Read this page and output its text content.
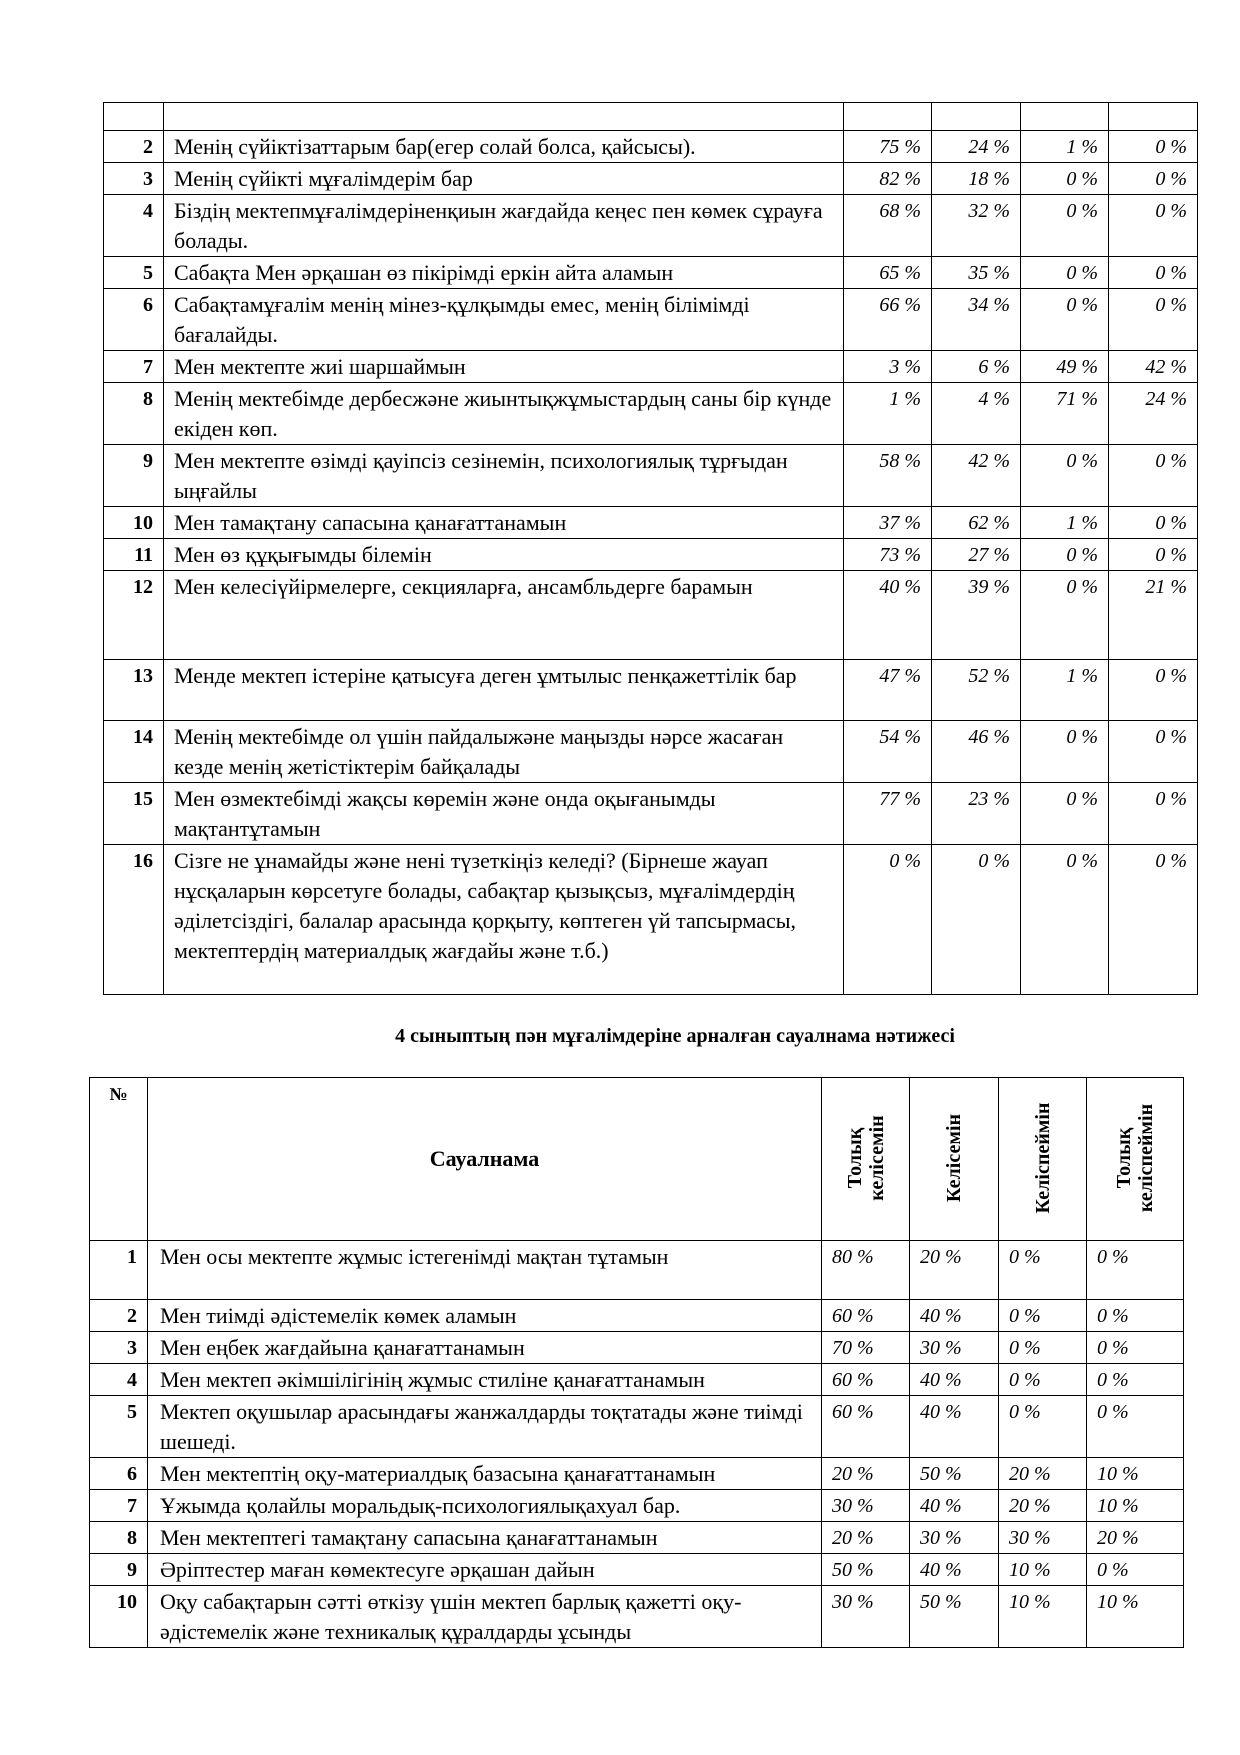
2	Менің сүйіктізаттарым бар(егер солай болса, қайсысы).	75 %	24 %	1 %	0 %
3	Менің сүйікті мұғалімдерім бар	82 %	18 %	0 %	0 %
4	Біздің мектепмұғалімдеріненқиын жағдайда кеңес пен көмек сұрауға болады.	68 %	32 %	0 %	0 %
5	Сабақта Мен әрқашан өз пікірімді еркін айта аламын	65 %	35 %	0 %	0 %
6	Сабақтамұғалім менің мінез-құлқымды емес, менің білімімді бағалайды.	66 %	34 %	0 %	0 %
7	Мен мектепте жиі шаршаймын	3 %	6 %	49 %	42 %
8	Менің мектебімде дербесжәне жиынтықжұмыстардың саны бір күнде екіден көп.	1 %	4 %	71 %	24 %
9	Мен мектепте өзімді қауіпсіз сезінемін, психологиялық тұрғыдан ыңғайлы	58 %	42 %	0 %	0 %
10	Мен тамақтану сапасына қанағаттанамын	37 %	62 %	1 %	0 %
11	Мен өз құқығымды білемін	73 %	27 %	0 %	0 %
12	Мен келесіүйірмелерге, секцияларға, ансамбльдерге барамын	40 %	39 %	0 %	21 %
13	Менде мектеп істеріне қатысуға деген ұмтылыс пенқажеттілік бар	47 %	52 %	1 %	0 %
14	Менің мектебімде ол үшін пайдалыжәне маңызды нәрсе жасаған кезде менің жетістіктерім байқалады	54 %	46 %	0 %	0 %
15	Мен өзмектебімді жақсы көремін және онда оқығанымды мақтантұтамын	77 %	23 %	0 %	0 %
16	Сізге не ұнамайды және нені түзеткіңіз келеді? (Бірнеше жауап нұсқаларын көрсетуге болады, сабақтар қызықсыз, мұғалімдердің әділетсіздігі, балалар арасында қорқыту, көптеген үй тапсырмасы, мектептердің материалдық жағдайы және т.б.)	0 %	0 %	0 %	0 %
4 сыныптың пән мұғалімдеріне арналған сауалнама нәтижесі
№	Сауалнама	Толық келісемін	Келісемін	Келіспеймін	Толық келіспеймін

1	Мен осы мектепте жұмыс істегенімді мақтан тұтамын	80 %	20 %	0 %	0 %
2	Мен тиімді әдістемелік көмек аламын	60 %	40 %	0 %	0 %
3	Мен еңбек жағдайына қанағаттанамын	70 %	30 %	0 %	0 %
4	Мен мектеп әкімшілігінің жұмыс стиліне қанағаттанамын	60 %	40 %	0 %	0 %
5	Мектеп оқушылар арасындағы жанжалдарды тоқтатады және тиімді шешеді.	60 %	40 %	0 %	0 %
6	Мен мектептің оқу-материалдық базасына қанағаттанамын	20 %	50 %	20 %	10 %
7	Ұжымда қолайлы моральдық-психологиялықахуал бар.	30 %	40 %	20 %	10 %
8	Мен мектептегі тамақтану сапасына қанағаттанамын	20 %	30 %	30 %	20 %
9	Әріптестер маған көмектесуге әрқашан дайын	50 %	40 %	10 %	0 %
10	Оқу сабақтарын сәтті өткізу үшін мектеп барлық қажетті оқу-әдістемелік және техникалық құралдарды ұсынды	30 %	50 %	10 %	10 %
